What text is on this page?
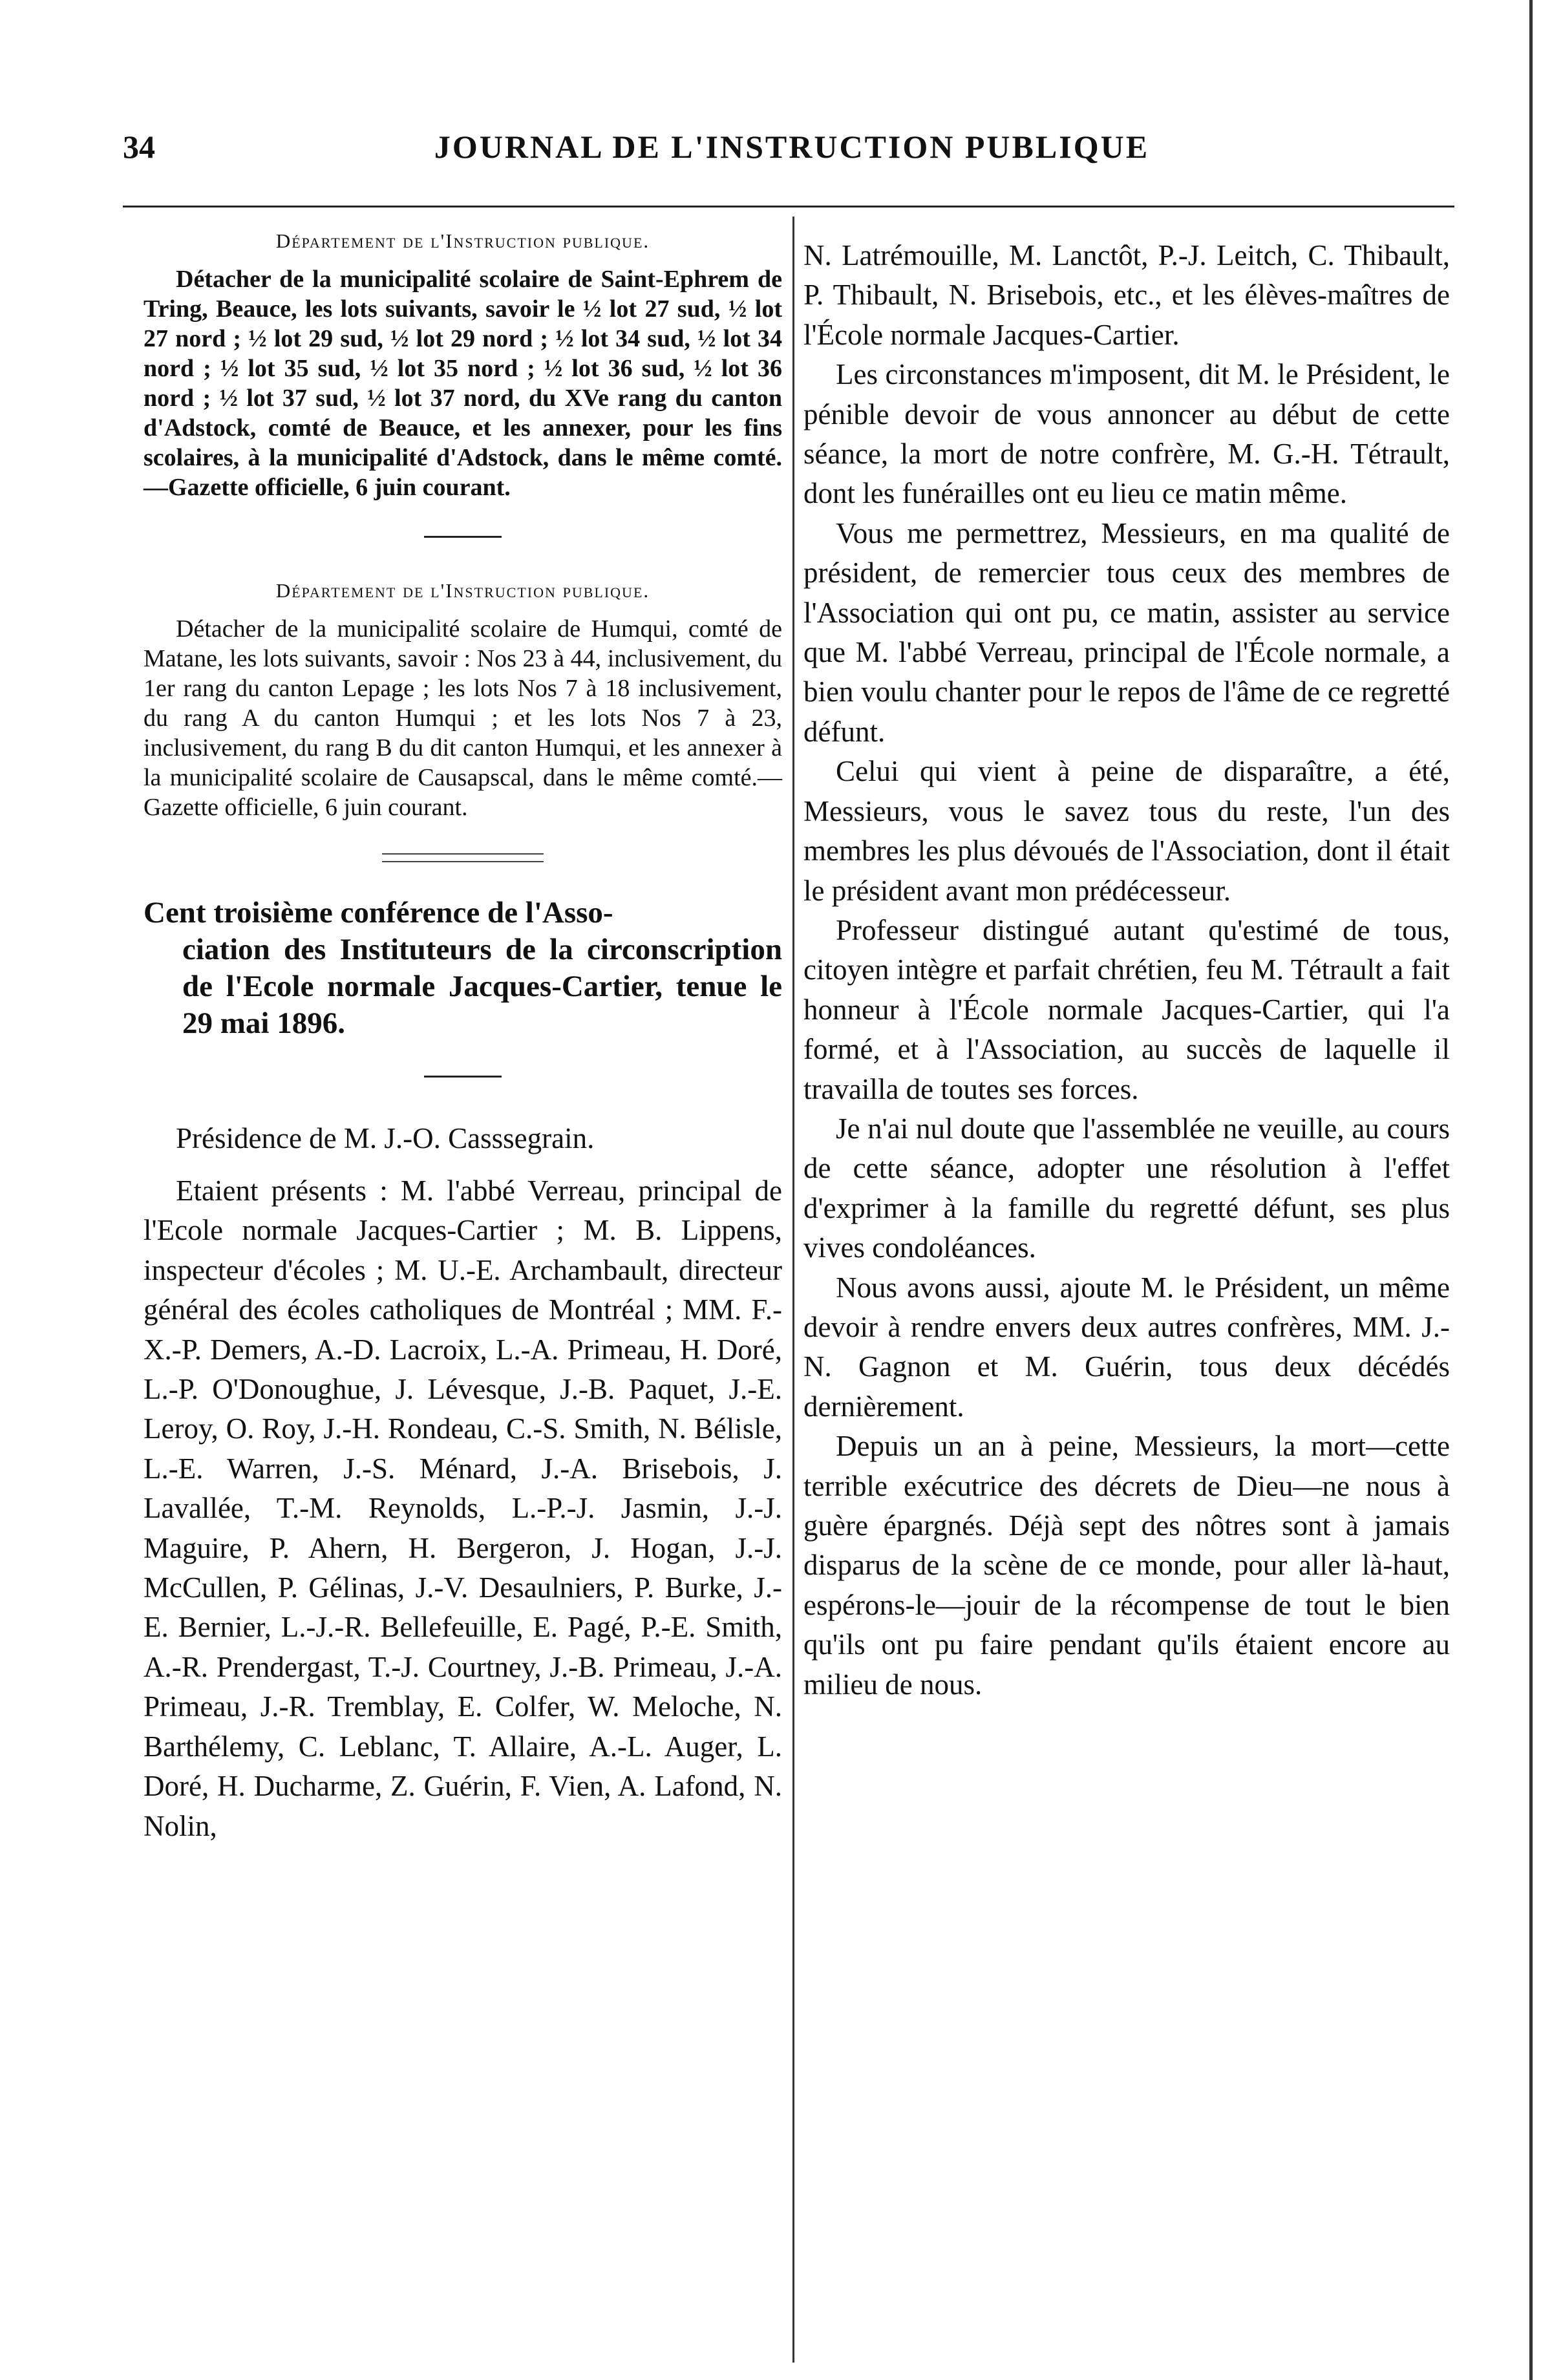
34	JOURNAL DE L'INSTRUCTION PUBLIQUE
Département de l'Instruction publique.

Détacher de la municipalité scolaire de Saint-Ephrem de Tring, Beauce, les lots suivants, savoir le ½ lot 27 sud, ½ lot 27 nord ; ½ lot 29 sud, ½ lot 29 nord ; ½ lot 34 sud, ½ lot 34 nord ; ½ lot 35 sud, ½ lot 35 nord ; ½ lot 36 sud, ½ lot 36 nord ; ½ lot 37 sud, ½ lot 37 nord, du XVe rang du canton d'Adstock, comté de Beauce, et les annexer, pour les fins scolaires, à la municipalité d'Adstock, dans le même comté.—Gazette officielle, 6 juin courant.

Département de l'Instruction publique.

Détacher de la municipalité scolaire de Humqui, comté de Matane, les lots suivants, savoir : Nos 23 à 44, inclusivement, du 1er rang du canton Lepage ; les lots Nos 7 à 18 inclusivement, du rang A du canton Humqui ; et les lots Nos 7 à 23, inclusivement, du rang B du dit canton Humqui, et les annexer à la municipalité scolaire de Causapscal, dans le même comté.—Gazette officielle, 6 juin courant.

Cent troisième conférence de l'Asso-
ciation des Instituteurs de la circonscription de l'Ecole normale Jacques-Cartier, tenue le 29 mai 1896.

Présidence de M. J.-O. Casssegrain.

Etaient présents : M. l'abbé Verreau, principal de l'Ecole normale Jacques-Cartier ; M. B. Lippens, inspecteur d'écoles ; M. U.-E. Archambault, directeur général des écoles catholiques de Montréal ; MM. F.-X.-P. Demers, A.-D. Lacroix, L.-A. Primeau, H. Doré, L.-P. O'Donoughue, J. Lévesque, J.-B. Paquet, J.-E. Leroy, O. Roy, J.-H. Rondeau, C.-S. Smith, N. Bélisle, L.-E. Warren, J.-S. Ménard, J.-A. Brisebois, J. Lavallée, T.-M. Reynolds, L.-P.-J. Jasmin, J.-J. Maguire, P. Ahern, H. Bergeron, J. Hogan, J.-J. McCullen, P. Gélinas, J.-V. Desaulniers, P. Burke, J.-E. Bernier, L.-J.-R. Bellefeuille, E. Pagé, P.-E. Smith, A.-R. Prendergast, T.-J. Courtney, J.-B. Primeau, J.-A. Primeau, J.-R. Tremblay, E. Colfer, W. Meloche, N. Barthélemy, C. Leblanc, T. Allaire, A.-L. Auger, L. Doré, H. Ducharme, Z. Guérin, F. Vien, A. Lafond, N. Nolin,

N. Latrémouille, M. Lanctôt, P.-J. Leitch, C. Thibault, P. Thibault, N. Brisebois, etc., et les élèves-maîtres de l'École normale Jacques-Cartier.

Les circonstances m'imposent, dit M. le Président, le pénible devoir de vous annoncer au début de cette séance, la mort de notre confrère, M. G.-H. Tétrault, dont les funérailles ont eu lieu ce matin même.

Vous me permettrez, Messieurs, en ma qualité de président, de remercier tous ceux des membres de l'Association qui ont pu, ce matin, assister au service que M. l'abbé Verreau, principal de l'École normale, a bien voulu chanter pour le repos de l'âme de ce regretté défunt.

Celui qui vient à peine de disparaître, a été, Messieurs, vous le savez tous du reste, l'un des membres les plus dévoués de l'Association, dont il était le président avant mon prédécesseur.

Professeur distingué autant qu'estimé de tous, citoyen intègre et parfait chrétien, feu M. Tétrault a fait honneur à l'École normale Jacques-Cartier, qui l'a formé, et à l'Association, au succès de laquelle il travailla de toutes ses forces.

Je n'ai nul doute que l'assemblée ne veuille, au cours de cette séance, adopter une résolution à l'effet d'exprimer à la famille du regretté défunt, ses plus vives condoléances.

Nous avons aussi, ajoute M. le Président, un même devoir à rendre envers deux autres confrères, MM. J.-N. Gagnon et M. Guérin, tous deux décédés dernièrement.

Depuis un an à peine, Messieurs, la mort—cette terrible exécutrice des décrets de Dieu—ne nous à guère épargnés. Déjà sept des nôtres sont à jamais disparus de la scène de ce monde, pour aller là-haut, espérons-le—jouir de la récompense de tout le bien qu'ils ont pu faire pendant qu'ils étaient encore au milieu de nous.
